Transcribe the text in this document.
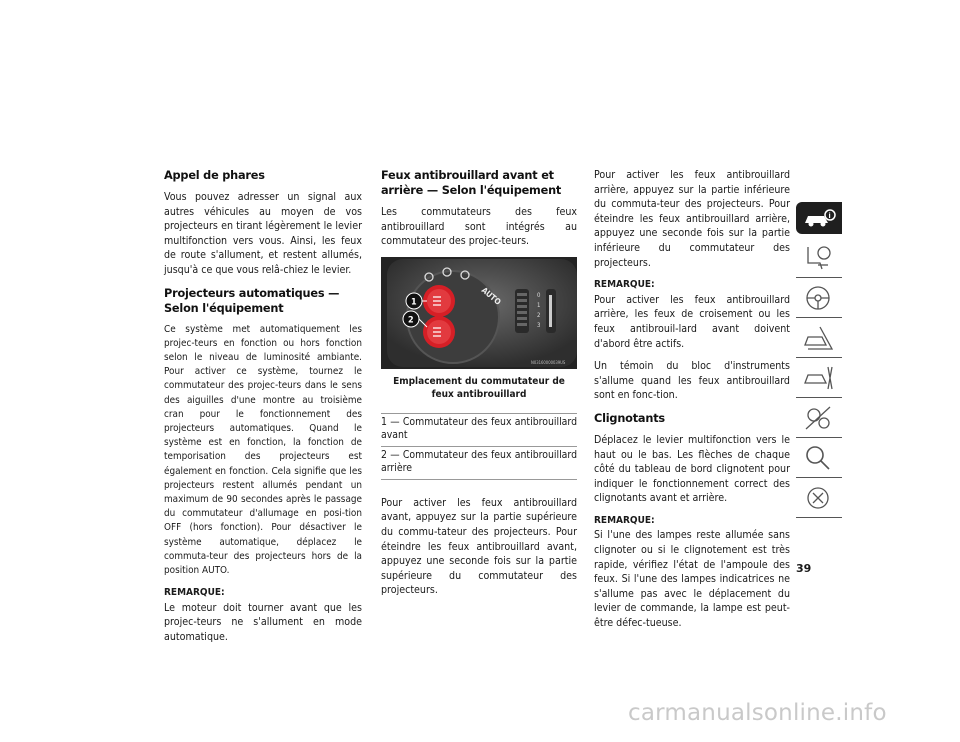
Appel de phares

Vous pouvez adresser un signal aux autres véhicules au moyen de vos projecteurs en tirant légèrement le levier multifonction vers vous. Ainsi, les feux de route s'allument, et restent allumés, jusqu'à ce que vous relâ-chiez le levier.

Projecteurs automatiques — Selon l'équipement

Ce système met automatiquement les projec-teurs en fonction ou hors fonction selon le niveau de luminosité ambiante. Pour activer ce système, tournez le commutateur des projec-teurs dans le sens des aiguilles d'une montre au troisième cran pour le fonctionnement des projecteurs automatiques. Quand le système est en fonction, la fonction de temporisation des projecteurs est également en fonction. Cela signifie que les projecteurs restent allumés pendant un maximum de 90 secondes après le passage du commutateur d'allumage en posi-tion OFF (hors fonction). Pour désactiver le système automatique, déplacez le commuta-teur des projecteurs hors de la position AUTO.

REMARQUE:

Le moteur doit tourner avant que les projec-teurs ne s'allument en mode automatique.

Feux antibrouillard avant et arrière — Selon l'équipement

Les commutateurs des feux antibrouillard sont intégrés au commutateur des projec-teurs.

AUTO
1
2
0
1
2
3
N03160000039US
Emplacement du commutateur de feux antibrouillard
1 — Commutateur des feux antibrouillard avant
2 — Commutateur des feux antibrouillard arrière

Pour activer les feux antibrouillard avant, appuyez sur la partie supérieure du commu-tateur des projecteurs. Pour éteindre les feux antibrouillard avant, appuyez une seconde fois sur la partie supérieure du commutateur des projecteurs.

Pour activer les feux antibrouillard arrière, appuyez sur la partie inférieure du commuta-teur des projecteurs. Pour éteindre les feux antibrouillard arrière, appuyez une seconde fois sur la partie inférieure du commutateur des projecteurs.

REMARQUE:

Pour activer les feux antibrouillard arrière, les feux de croisement ou les feux antibrouil-lard avant doivent d'abord être actifs.

Un témoin du bloc d'instruments s'allume quand les feux antibrouillard sont en fonc-tion.

Clignotants

Déplacez le levier multifonction vers le haut ou le bas. Les flèches de chaque côté du tableau de bord clignotent pour indiquer le fonctionnement correct des clignotants avant et arrière.

REMARQUE:

Si l'une des lampes reste allumée sans clignoter ou si le clignotement est très rapide, vérifiez l'état de l'ampoule des feux. Si l'une des lampes indicatrices ne s'allume pas avec le déplacement du levier de commande, la lampe est peut-être défec-tueuse.

i
39
carmanualsonline.info
